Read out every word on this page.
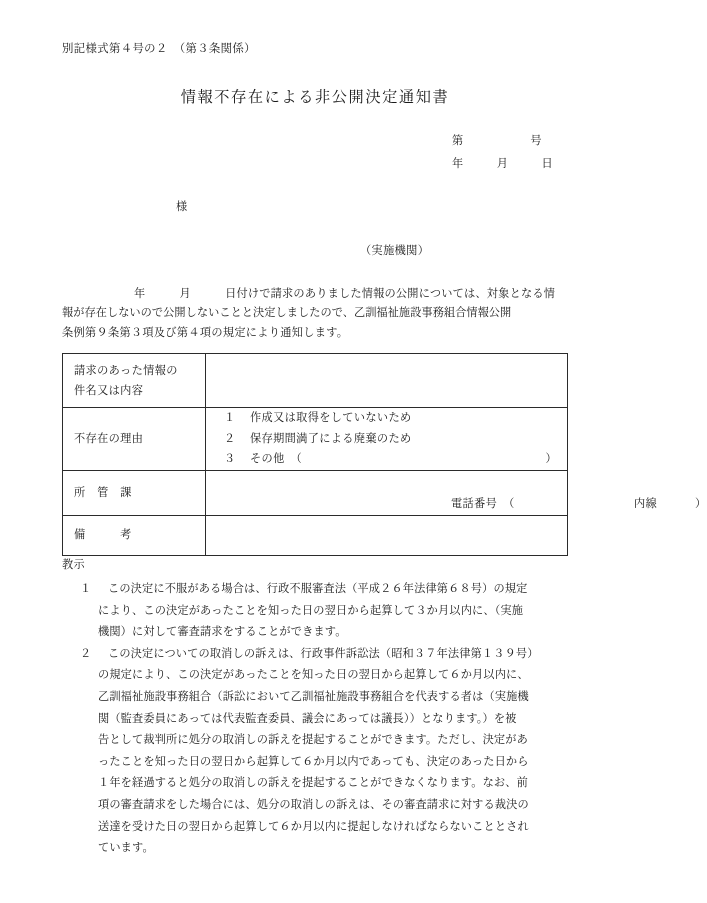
別記様式第４号の２　（第３条関係）
情報不存在による非公開決定通知書
第　　　　　　号
年　　　月　　　日
様
（実施機関）
年　　　月　　　日付けで請求のありました情報の公開については、対象となる情
報が存在しないので公開しないことと決定しましたので、乙訓福祉施設事務組合情報公開
条例第９条第３項及び第４項の規定により通知します。
請求のあった情報の
件名又は内容	

不存在の理由	１ 作成又は取得をしていないため
２ 保存期間満了による廃棄のため
３ その他　（ ）

所　管　課	電話番号　（ 内線 ）

備　　　考	

教示
１ この決定に不服がある場合は、行政不服審査法（平成２６年法律第６８号）の規定
により、この決定があったことを知った日の翌日から起算して３か月以内に、（実施
機関）に対して審査請求をすることができます。
２ この決定についての取消しの訴えは、行政事件訴訟法（昭和３７年法律第１３９号）
の規定により、この決定があったことを知った日の翌日から起算して６か月以内に、
乙訓福祉施設事務組合（訴訟において乙訓福祉施設事務組合を代表する者は（実施機
関（監査委員にあっては代表監査委員、議会にあっては議長））となります。）を被
告として裁判所に処分の取消しの訴えを提起することができます。ただし、決定があ
ったことを知った日の翌日から起算して６か月以内であっても、決定のあった日から
１年を経過すると処分の取消しの訴えを提起することができなくなります。なお、前
項の審査請求をした場合には、処分の取消しの訴えは、その審査請求に対する裁決の
送達を受けた日の翌日から起算して６か月以内に提起しなければならないこととされ
ています。
